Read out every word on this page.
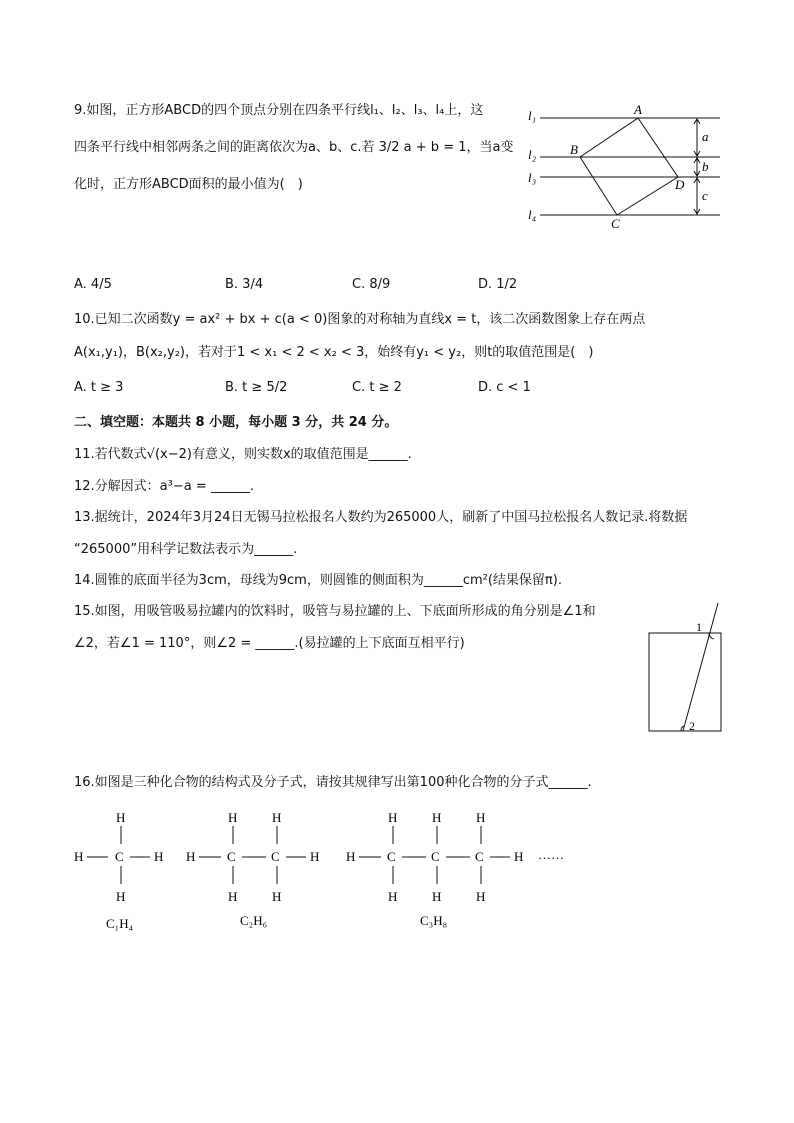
9.如图，正方形ABCD的四个顶点分别在四条平行线l₁、l₂、l₃、l₄上，这
四条平行线中相邻两条之间的距离依次为a、b、c.若 3/2 a + b = 1，当a变
化时，正方形ABCD面积的最小值为(　)
l₁
l₂
l₃
l₄
A
B
C
D
a
b
c
A. 4/5	B. 3/4	C. 8/9	D. 1/2
10.已知二次函数y = ax² + bx + c(a < 0)图象的对称轴为直线x = t，该二次函数图象上存在两点
A(x₁,y₁)，B(x₂,y₂)，若对于1 < x₁ < 2 < x₂ < 3，始终有y₁ < y₂，则t的取值范围是(　)
A. t ≥ 3	B. t ≥ 5/2	C. t ≥ 2	D. c < 1
二、填空题：本题共 8 小题，每小题 3 分，共 24 分。
11.若代数式√(x−2)有意义，则实数x的取值范围是______.
12.分解因式：a³−a = ______.
13.据统计，2024年3月24日无锡马拉松报名人数约为265000人，刷新了中国马拉松报名人数记录.将数据
“265000”用科学记数法表示为______.
14.圆锥的底面半径为3cm，母线为9cm，则圆锥的侧面积为______cm²(结果保留π).
15.如图，用吸管吸易拉罐内的饮料时，吸管与易拉罐的上、下底面所形成的角分别是∠1和
∠2，若∠1 = 110°，则∠2 = ______.(易拉罐的上下底面互相平行)
1
2
16.如图是三种化合物的结构式及分子式，请按其规律写出第100种化合物的分子式______.
H
H C H
H
H	H
H C	C H
H	H
H	H	H
H C	C	C H
H	H	H
……
C₁H₄	C₂H₆	C₃H₈
